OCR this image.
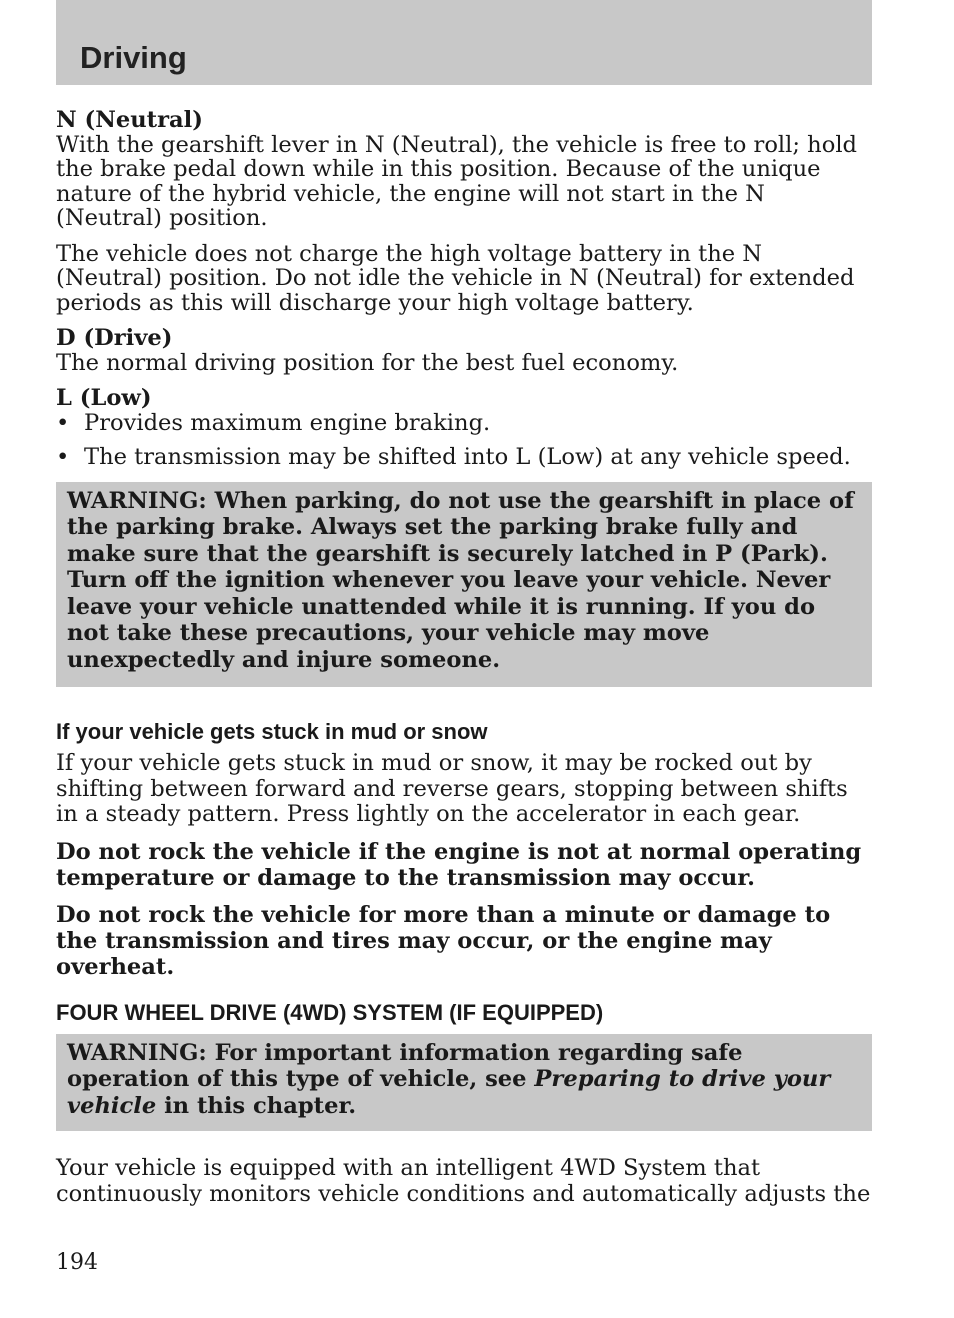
Driving

N (Neutral)

With the gearshift lever in N (Neutral), the vehicle is free to roll; hold the brake pedal down while in this position. Because of the unique nature of the hybrid vehicle, the engine will not start in the N (Neutral) position.

The vehicle does not charge the high voltage battery in the N (Neutral) position. Do not idle the vehicle in N (Neutral) for extended periods as this will discharge your high voltage battery.

D (Drive)

The normal driving position for the best fuel economy.

L (Low)

• Provides maximum engine braking.
• The transmission may be shifted into L (Low) at any vehicle speed.
WARNING: When parking, do not use the gearshift in place of the parking brake. Always set the parking brake fully and make sure that the gearshift is securely latched in P (Park). Turn off the ignition whenever you leave your vehicle. Never leave your vehicle unattended while it is running. If you do not take these precautions, your vehicle may move unexpectedly and injure someone.

If your vehicle gets stuck in mud or snow

If your vehicle gets stuck in mud or snow, it may be rocked out by shifting between forward and reverse gears, stopping between shifts in a steady pattern. Press lightly on the accelerator in each gear.

Do not rock the vehicle if the engine is not at normal operating temperature or damage to the transmission may occur.

Do not rock the vehicle for more than a minute or damage to the transmission and tires may occur, or the engine may overheat.

FOUR WHEEL DRIVE (4WD) SYSTEM (IF EQUIPPED)

WARNING: For important information regarding safe operation of this type of vehicle, see Preparing to drive your vehicle in this chapter.

Your vehicle is equipped with an intelligent 4WD System that continuously monitors vehicle conditions and automatically adjusts the

194
